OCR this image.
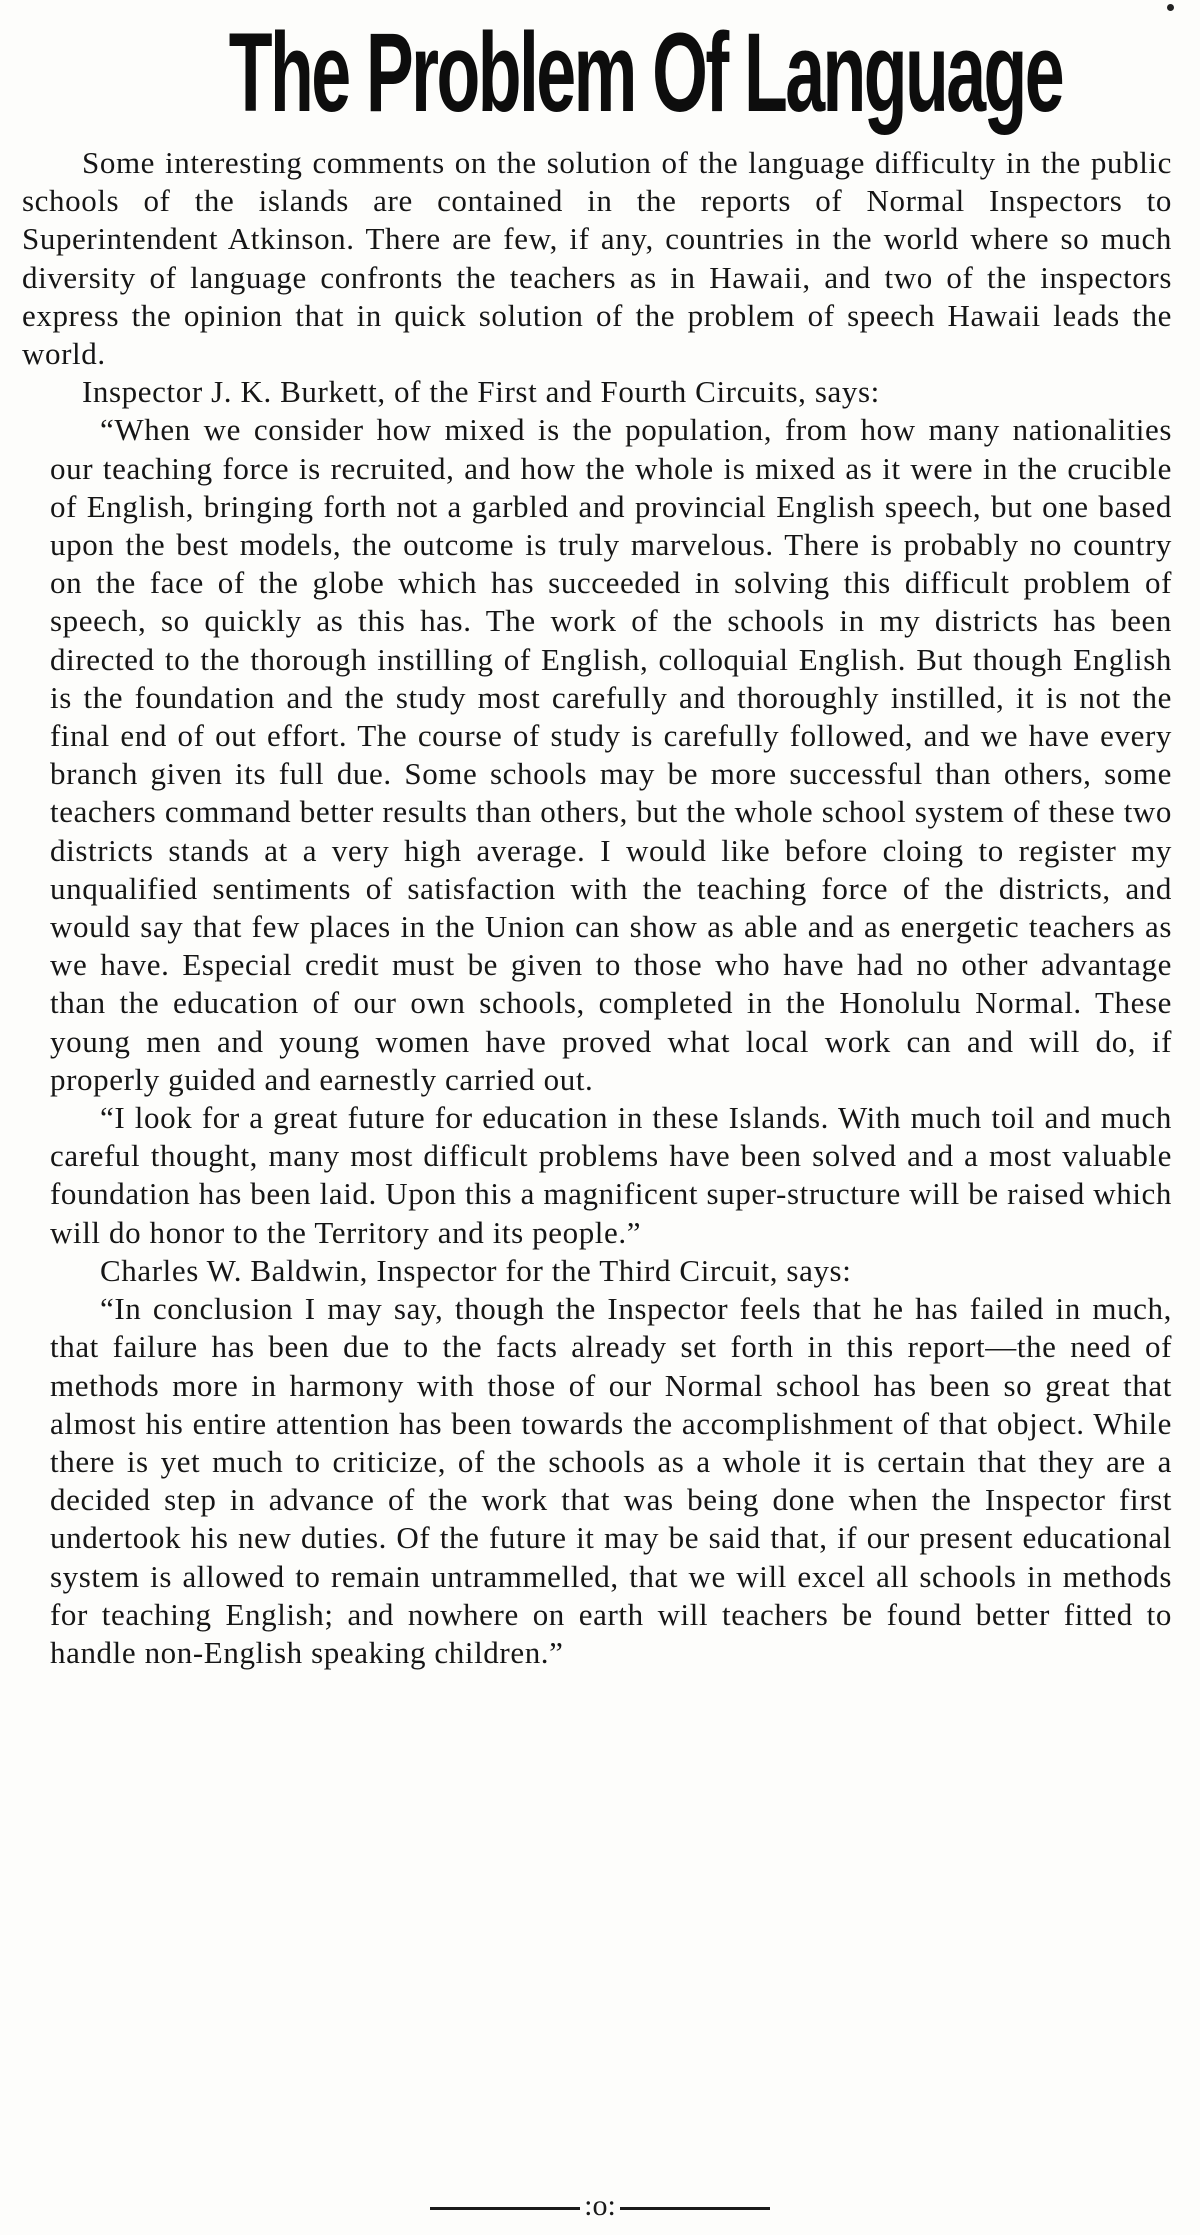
The Problem Of Language

Some interesting comments on the solution of the language difficulty in the public schools of the islands are contained in the reports of Normal Inspectors to Superintendent Atkinson. There are few, if any, countries in the world where so much diversity of language confronts the teachers as in Hawaii, and two of the inspectors express the opinion that in quick solution of the problem of speech Hawaii leads the world.

Inspector J. K. Burkett, of the First and Fourth Circuits, says:

“When we consider how mixed is the population, from how many nationalities our teaching force is recruited, and how the whole is mixed as it were in the crucible of English, bringing forth not a garbled and provincial English speech, but one based upon the best models, the outcome is truly marvelous. There is probably no country on the face of the globe which has succeeded in solving this difficult problem of speech, so quickly as this has. The work of the schools in my districts has been directed to the thorough instilling of English, colloquial English. But though English is the foundation and the study most carefully and thoroughly instilled, it is not the final end of out effort. The course of study is carefully followed, and we have every branch given its full due. Some schools may be more successful than others, some teachers command better results than others, but the whole school system of these two districts stands at a very high average. I would like before cloing to register my unqualified sentiments of satisfaction with the teaching force of the districts, and would say that few places in the Union can show as able and as energetic teachers as we have. Especial credit must be given to those who have had no other advantage than the education of our own schools, completed in the Honolulu Normal. These young men and young women have proved what local work can and will do, if properly guided and earnestly carried out.

“I look for a great future for education in these Islands. With much toil and much careful thought, many most difficult problems have been solved and a most valuable foundation has been laid. Upon this a magnificent super-structure will be raised which will do honor to the Territory and its people.”

Charles W. Baldwin, Inspector for the Third Circuit, says:

“In conclusion I may say, though the Inspector feels that he has failed in much, that failure has been due to the facts already set forth in this report—the need of methods more in harmony with those of our Normal school has been so great that almost his entire attention has been towards the accomplishment of that object. While there is yet much to criticize, of the schools as a whole it is certain that they are a decided step in advance of the work that was being done when the Inspector first undertook his new duties. Of the future it may be said that, if our present educational system is allowed to remain untrammelled, that we will excel all schools in methods for teaching English; and nowhere on earth will teachers be found better fitted to handle non-English speaking children.”

:o:
